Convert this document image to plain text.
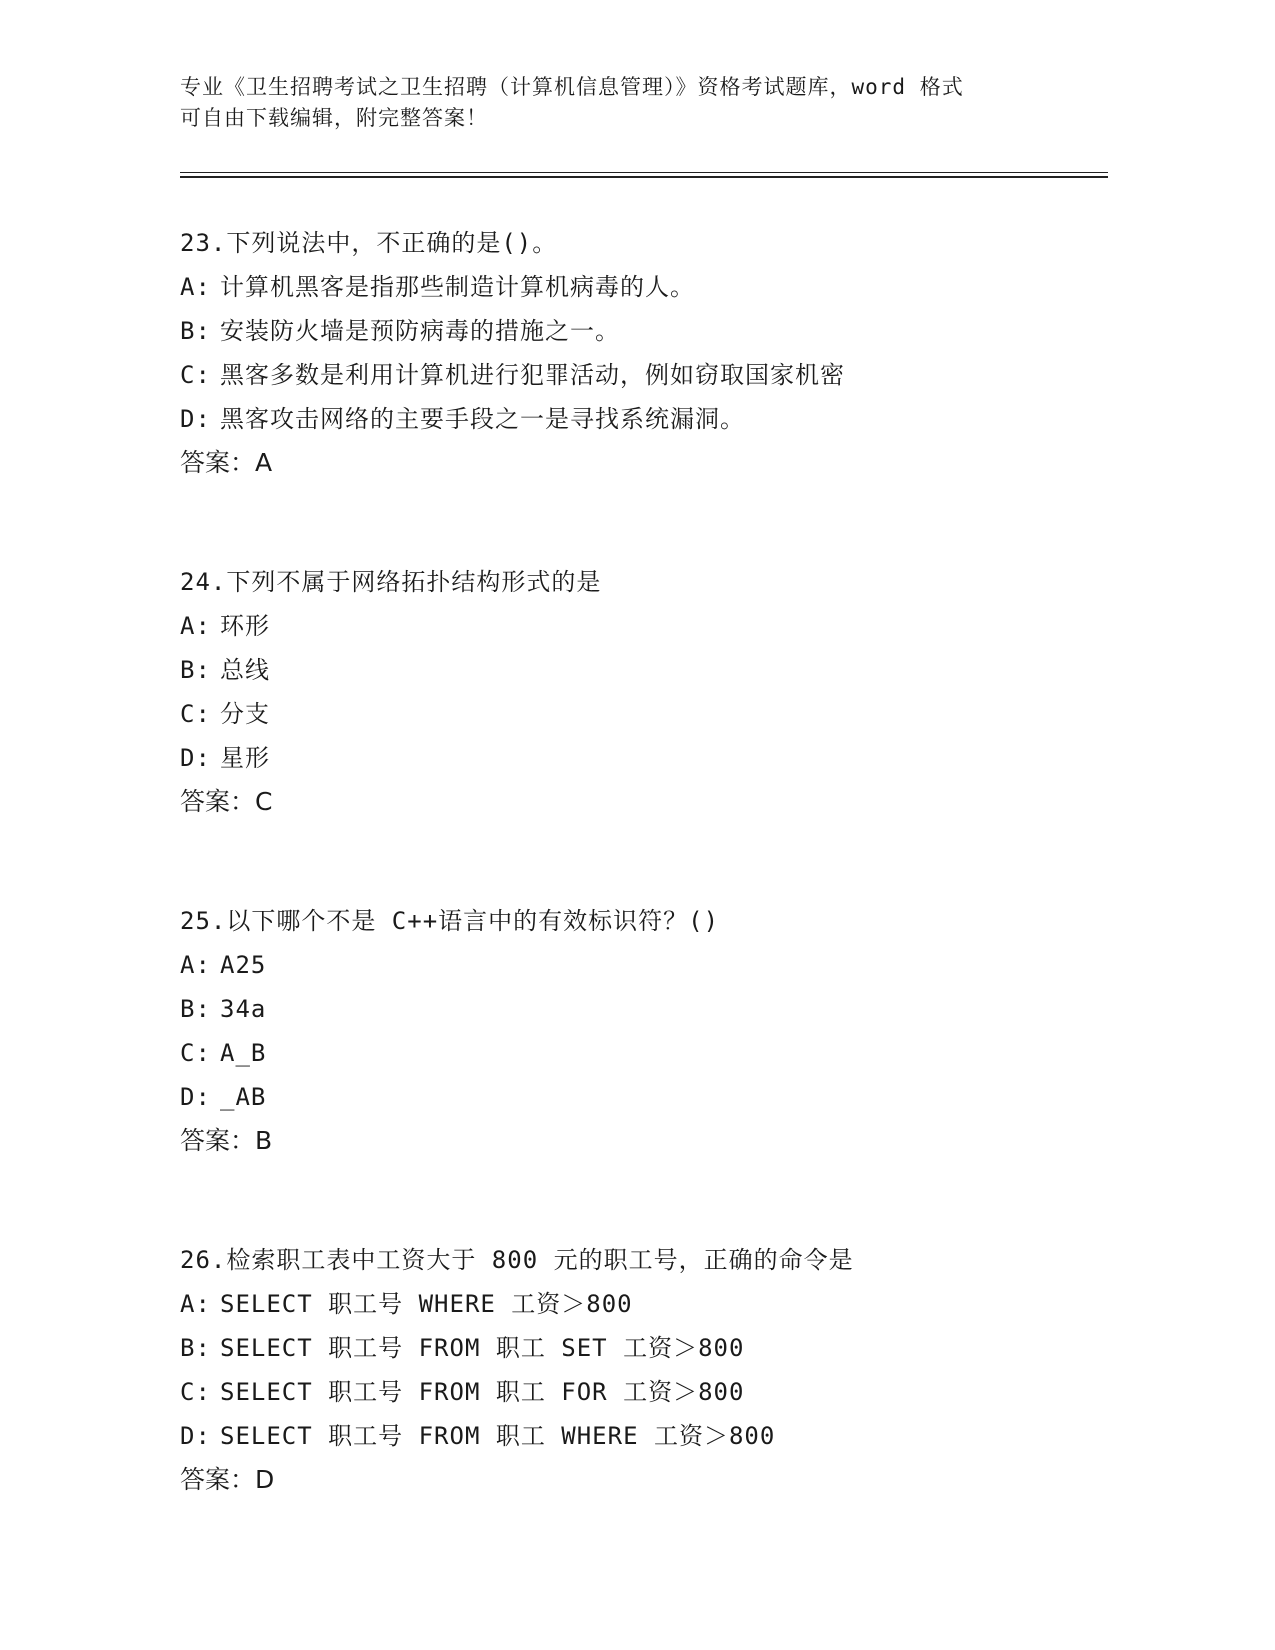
专业《卫生招聘考试之卫生招聘（计算机信息管理）》资格考试题库，word 格式
可自由下载编辑，附完整答案！
23.下列说法中，不正确的是()。
A: 计算机黑客是指那些制造计算机病毒的人。
B: 安装防火墙是预防病毒的措施之一。
C: 黑客多数是利用计算机进行犯罪活动，例如窃取国家机密
D: 黑客攻击网络的主要手段之一是寻找系统漏洞。
答案：A
24.下列不属于网络拓扑结构形式的是
A: 环形
B: 总线
C: 分支
D: 星形
答案：C
25.以下哪个不是 C++语言中的有效标识符？()
A: A25
B: 34a
C: A_B
D: _AB
答案：B
26.检索职工表中工资大于 800 元的职工号，正确的命令是
A: SELECT 职工号 WHERE 工资＞800
B: SELECT 职工号 FROM 职工 SET 工资＞800
C: SELECT 职工号 FROM 职工 FOR 工资＞800
D: SELECT 职工号 FROM 职工 WHERE 工资＞800
答案：D
